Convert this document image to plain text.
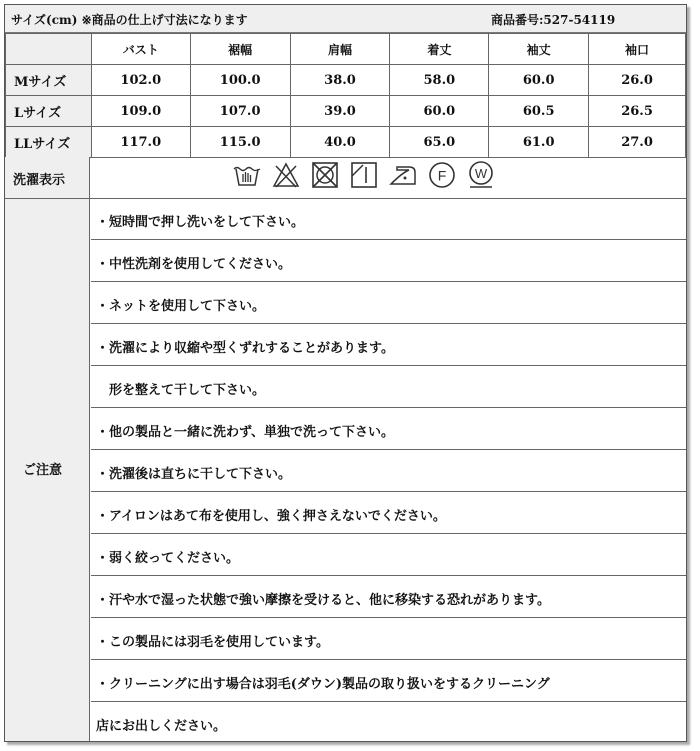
サイズ(cm) ※商品の仕上げ寸法になります	商品番号:527-54119
	バスト	裾幅	肩幅	着丈	袖丈	袖口
Mサイズ	102.0	100.0	38.0	58.0	60.0	26.0
Lサイズ	109.0	107.0	39.0	60.0	60.5	26.5
LLサイズ	117.0	115.0	40.0	65.0	61.0	27.0
洗濯表示	F W
ご注意
・短時間で押し洗いをして下さい。
・中性洗剤を使用してください。
・ネットを使用して下さい。
・洗濯により収縮や型くずれすることがあります。
　形を整えて干して下さい。
・他の製品と一緒に洗わず、単独で洗って下さい。
・洗濯後は直ちに干して下さい。
・アイロンはあて布を使用し、強く押さえないでください。
・弱く絞ってください。
・汗や水で湿った状態で強い摩擦を受けると、他に移染する恐れがあります。
・この製品には羽毛を使用しています。
・クリーニングに出す場合は羽毛(ダウン)製品の取り扱いをするクリーニング
店にお出しください。
